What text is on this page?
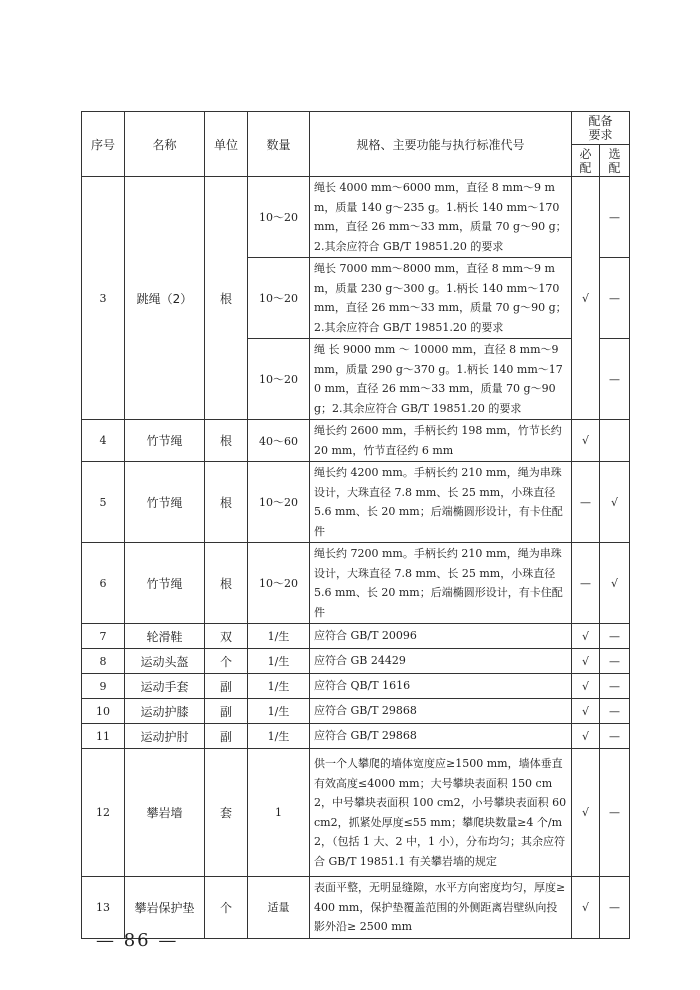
序号	名称	单位	数量	规格、主要功能与执行标准代号	配备要求	

					必配	选配

3	跳绳（2）	根	10～20	绳长 4000 mm～6000 mm，直径 8 mm～9 mm，质量 140 g～235 g。1.柄长 140 mm～170 mm，直径 26 mm～33 mm，质量 70 g～90 g；2.其余应符合 GB/T 19851.20 的要求	√	—
			10～20	绳长 7000 mm～8000 mm，直径 8 mm～9 mm，质量 230 g～300 g。1.柄长 140 mm～170 mm，直径 26 mm～33 mm，质量 70 g～90 g；2.其余应符合 GB/T 19851.20 的要求		—
			10～20	绳 长 9000 mm ～ 10000 mm，直径 8 mm～9 mm，质量 290 g～370 g。1.柄长 140 mm～170 mm，直径 26 mm～33 mm，质量 70 g～90 g；2.其余应符合 GB/T 19851.20 的要求		—
4	竹节绳	根	40～60	绳长约 2600 mm，手柄长约 198 mm，竹节长约 20 mm，竹节直径约 6 mm	√	
5	竹节绳	根	10～20	绳长约 4200 mm。手柄长约 210 mm，绳为串珠设计，大珠直径 7.8 mm、长 25 mm，小珠直径 5.6 mm、长 20 mm；后端椭圆形设计，有卡住配件	—	√
6	竹节绳	根	10～20	绳长约 7200 mm。手柄长约 210 mm，绳为串珠设计，大珠直径 7.8 mm、长 25 mm，小珠直径 5.6 mm、长 20 mm；后端椭圆形设计，有卡住配件	—	√
7	轮滑鞋	双	1/生	应符合 GB/T 20096	√	—
8	运动头盔	个	1/生	应符合 GB 24429	√	—
9	运动手套	副	1/生	应符合 QB/T 1616	√	—
10	运动护膝	副	1/生	应符合 GB/T 29868	√	—
11	运动护肘	副	1/生	应符合 GB/T 29868	√	—
12	攀岩墙	套	1	供一个人攀爬的墙体宽度应≥1500 mm，墙体垂直有效高度≤4000 mm；大号攀块表面积 150 cm2，中号攀块表面积 100 cm2，小号攀块表面积 60 cm2，抓紧处厚度≤55 mm；攀爬块数量≥4 个/m2，（包括 1 大、2 中，1 小），分布均匀；其余应符合 GB/T 19851.1 有关攀岩墙的规定	√	—
13	攀岩保护垫	个	适量	表面平整，无明显缝隙，水平方向密度均匀，厚度≥400 mm，保护垫覆盖范围的外侧距离岩壁纵向投影外沿≥ 2500 mm	√	—
— 86 —
